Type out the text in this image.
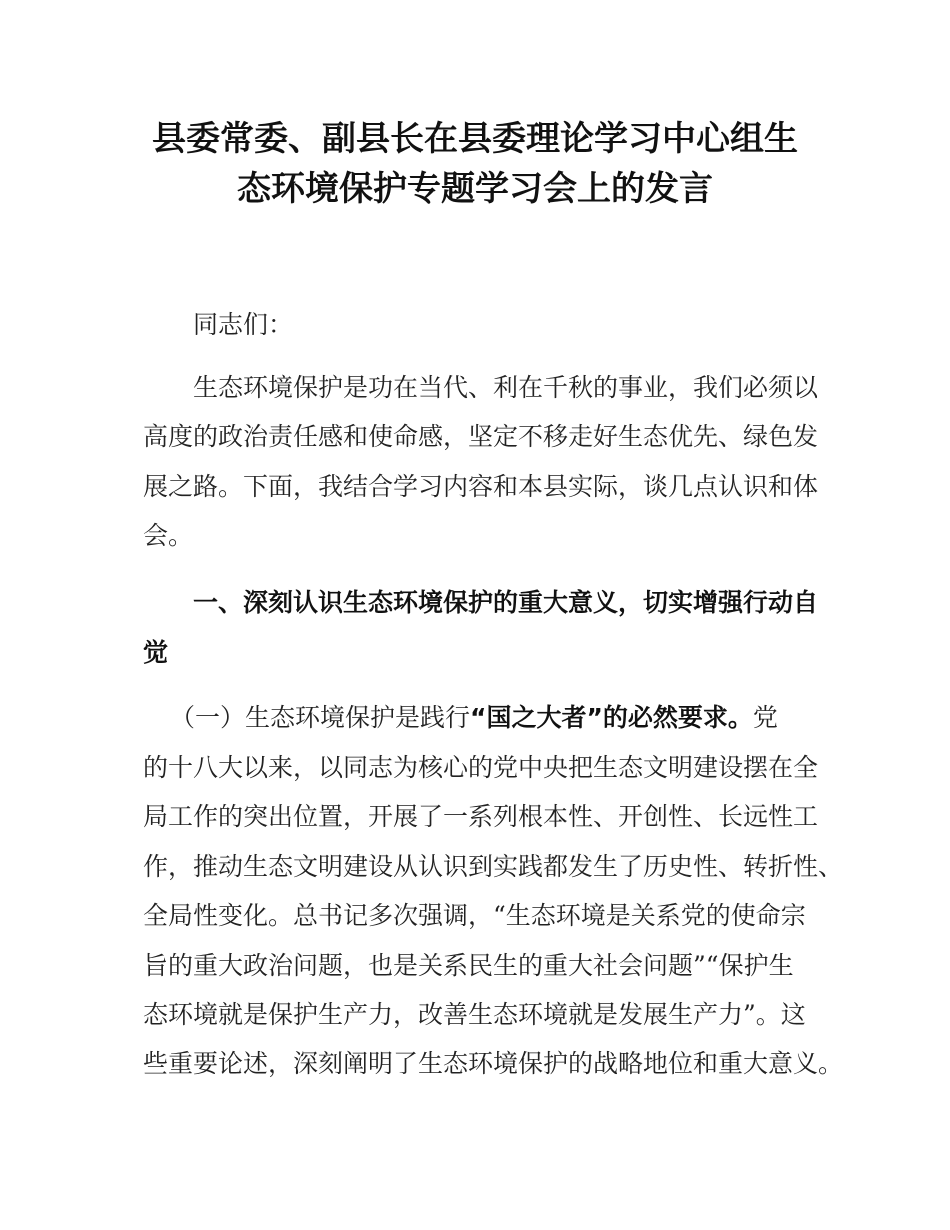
县委常委、副县长在县委理论学习中心组生
态环境保护专题学习会上的发言
同志们：
生态环境保护是功在当代、利在千秋的事业，我们必须以
高度的政治责任感和使命感，坚定不移走好生态优先、绿色发
展之路。下面，我结合学习内容和本县实际，谈几点认识和体
会。
一、深刻认识生态环境保护的重大意义，切实增强行动自
觉
（一）生态环境保护是践行“国之大者”的必然要求。党
的十八大以来，以同志为核心的党中央把生态文明建设摆在全
局工作的突出位置，开展了一系列根本性、开创性、长远性工
作，推动生态文明建设从认识到实践都发生了历史性、转折性、
全局性变化。总书记多次强调，“生态环境是关系党的使命宗
旨的重大政治问题，也是关系民生的重大社会问题”“保护生
态环境就是保护生产力，改善生态环境就是发展生产力”。这
些重要论述，深刻阐明了生态环境保护的战略地位和重大意义。
